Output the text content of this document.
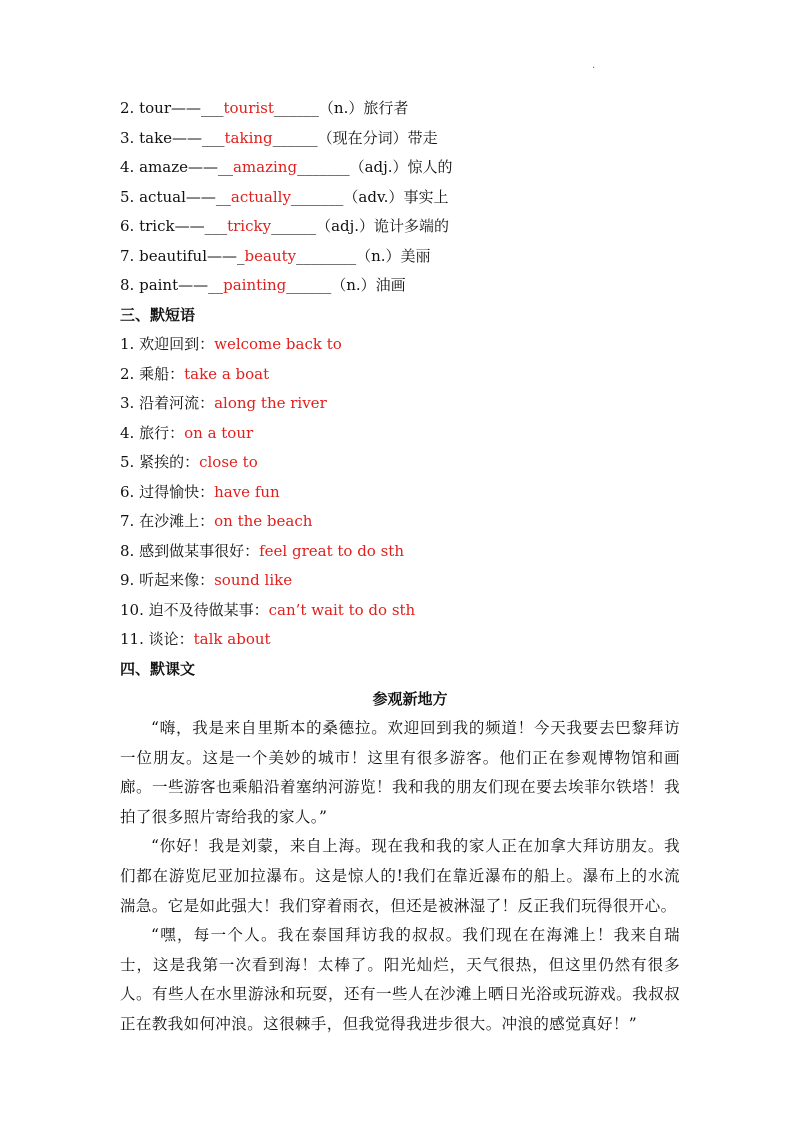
.
2. tour——___tourist______（n.）旅行者
3. take——___taking______（现在分词）带走
4. amaze——__amazing_______（adj.）惊人的
5. actual——__actually_______（adv.）事实上
6. trick——___tricky______（adj.）诡计多端的
7. beautiful——_beauty________（n.）美丽
8. paint——__painting______（n.）油画
三、默短语
1. 欢迎回到：welcome back to
2. 乘船：take a boat
3. 沿着河流：along the river
4. 旅行：on a tour
5. 紧挨的：close to
6. 过得愉快：have fun
7. 在沙滩上：on the beach
8. 感到做某事很好：feel great to do sth
9. 听起来像：sound like
10. 迫不及待做某事：can’t wait to do sth
11. 谈论：talk about
四、默课文
参观新地方

“嗨，我是来自里斯本的桑德拉。欢迎回到我的频道！今天我要去巴黎拜访一位朋友。这是一个美妙的城市！这里有很多游客。他们正在参观博物馆和画廊。一些游客也乘船沿着塞纳河游览！我和我的朋友们现在要去埃菲尔铁塔！我拍了很多照片寄给我的家人。”

“你好！我是刘蒙，来自上海。现在我和我的家人正在加拿大拜访朋友。我们都在游览尼亚加拉瀑布。这是惊人的!我们在靠近瀑布的船上。瀑布上的水流湍急。它是如此强大！我们穿着雨衣，但还是被淋湿了！反正我们玩得很开心。

“嘿，每一个人。我在泰国拜访我的叔叔。我们现在在海滩上！我来自瑞士，这是我第一次看到海！太棒了。阳光灿烂，天气很热，但这里仍然有很多人。有些人在水里游泳和玩耍，还有一些人在沙滩上晒日光浴或玩游戏。我叔叔正在教我如何冲浪。这很棘手，但我觉得我进步很大。冲浪的感觉真好！”
